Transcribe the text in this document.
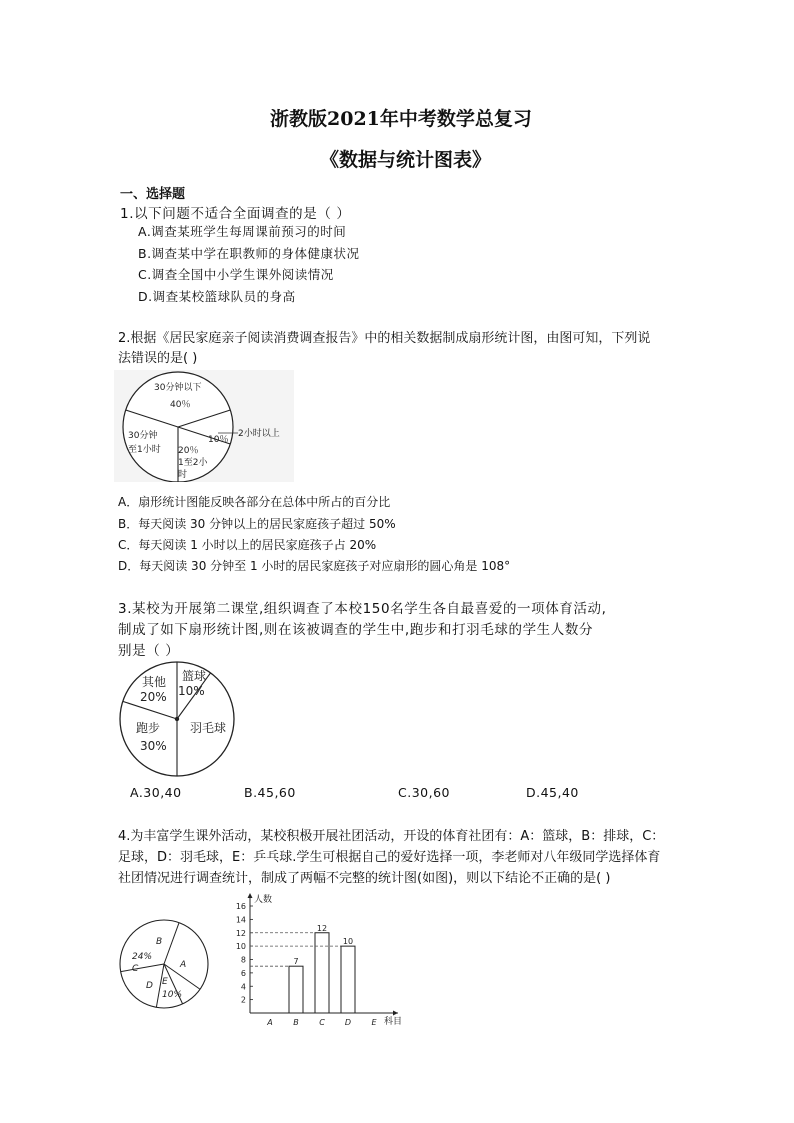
浙教版2021年中考数学总复习
《数据与统计图表》
一、选择题
1.以下问题不适合全面调查的是（ ）
A.调查某班学生每周课前预习的时间
B.调查某中学在职教师的身体健康状况
C.调查全国中小学生课外阅读情况
D.调查某校篮球队员的身高
2.根据《居民家庭亲子阅读消费调查报告》中的相关数据制成扇形统计图，由图可知，下列说
法错误的是( )
30分钟以下
40％
2小时以上
10％
20％
1至2小
时
30分钟
至1小时
A．扇形统计图能反映各部分在总体中所占的百分比
B．每天阅读 30 分钟以上的居民家庭孩子超过 50%
C．每天阅读 1 小时以上的居民家庭孩子占 20%
D．每天阅读 30 分钟至 1 小时的居民家庭孩子对应扇形的圆心角是 108°
3.某校为开展第二课堂,组织调查了本校150名学生各自最喜爱的一项体育活动,
制成了如下扇形统计图,则在该被调查的学生中,跑步和打羽毛球的学生人数分
别是（ ）
其他
20%
篮球
10%
跑步
30%
羽毛球
A.30,40	B.45,60	C.30,60	D.45,40
4.为丰富学生课外活动，某校积极开展社团活动，开设的体育社团有：A：篮球，B：排球，C：
足球，D：羽毛球，E：乒乓球.学生可根据自己的爱好选择一项，李老师对八年级同学选择体育
社团情况进行调查统计，制成了两幅不完整的统计图(如图)，则以下结论不正确的是( )
B
A
24%
C
D E
10%
2
4
6
8
10
12
14
16
人数
科目
A	B
7
C
12
D
10
E
